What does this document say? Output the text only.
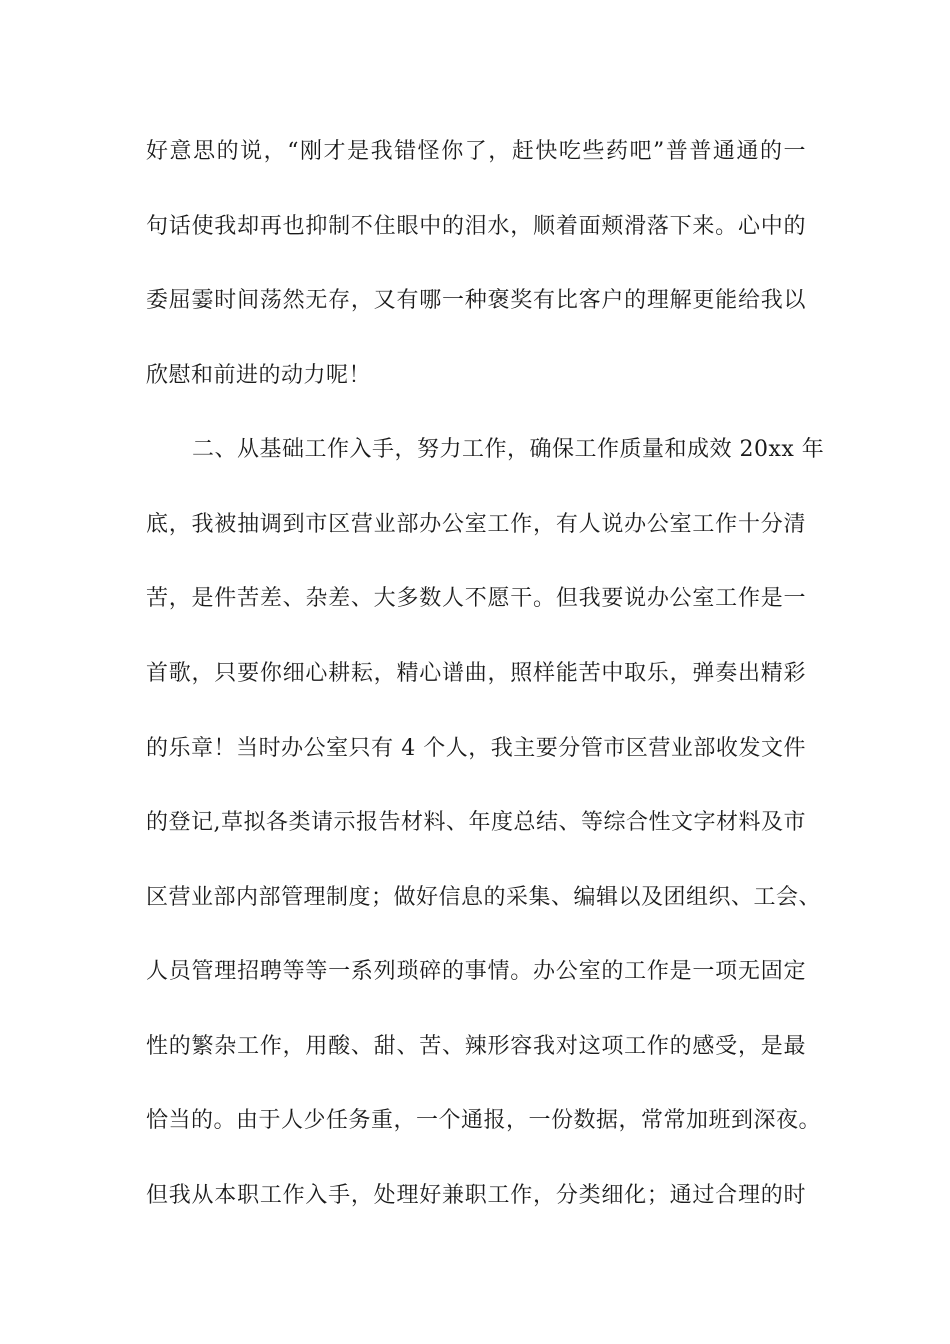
好意思的说，“刚才是我错怪你了，赶快吃些药吧”普普通通的一
句话使我却再也抑制不住眼中的泪水，顺着面颊滑落下来。心中的
委屈霎时间荡然无存，又有哪一种褒奖有比客户的理解更能给我以
欣慰和前进的动力呢！
二、从基础工作入手，努力工作，确保工作质量和成效 20xx 年
底，我被抽调到市区营业部办公室工作，有人说办公室工作十分清
苦，是件苦差、杂差、大多数人不愿干。但我要说办公室工作是一
首歌，只要你细心耕耘，精心谱曲，照样能苦中取乐，弹奏出精彩
的乐章！当时办公室只有 4 个人，我主要分管市区营业部收发文件
的登记,草拟各类请示报告材料、年度总结、等综合性文字材料及市
区营业部内部管理制度；做好信息的采集、编辑以及团组织、工会、
人员管理招聘等等一系列琐碎的事情。办公室的工作是一项无固定
性的繁杂工作，用酸、甜、苦、辣形容我对这项工作的感受，是最
恰当的。由于人少任务重，一个通报，一份数据，常常加班到深夜。
但我从本职工作入手，处理好兼职工作，分类细化；通过合理的时
